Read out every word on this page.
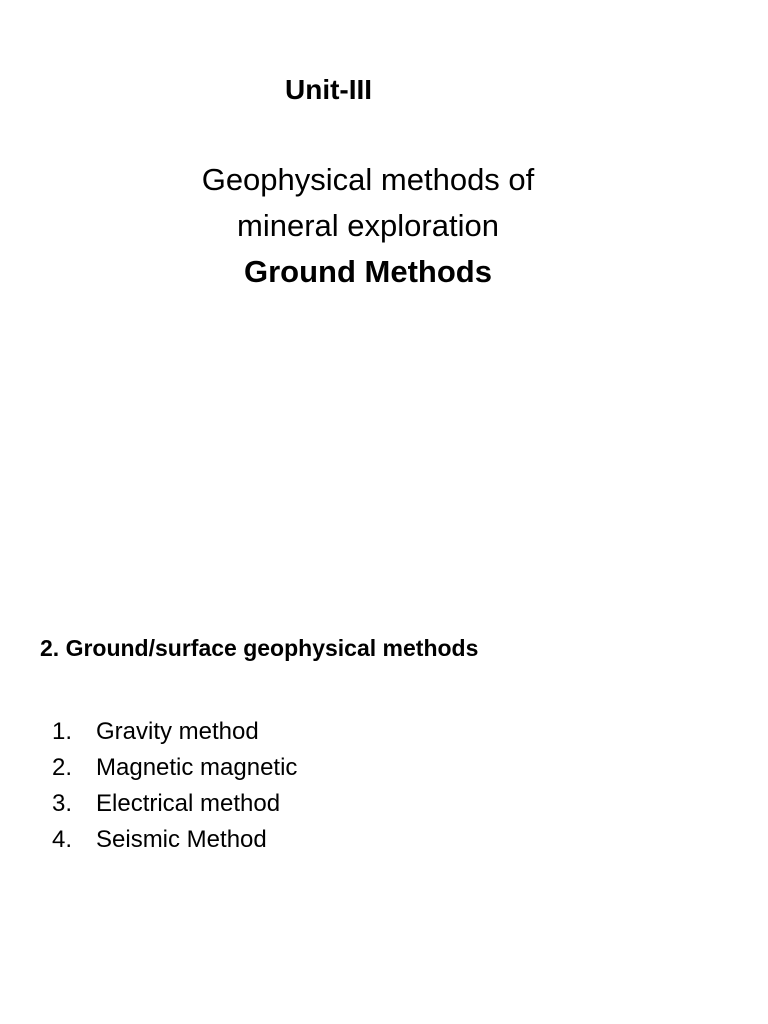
Unit-III
Geophysical methods of
mineral exploration
Ground Methods
2. Ground/surface geophysical methods
1. Gravity method
2. Magnetic magnetic
3. Electrical method
4. Seismic Method
